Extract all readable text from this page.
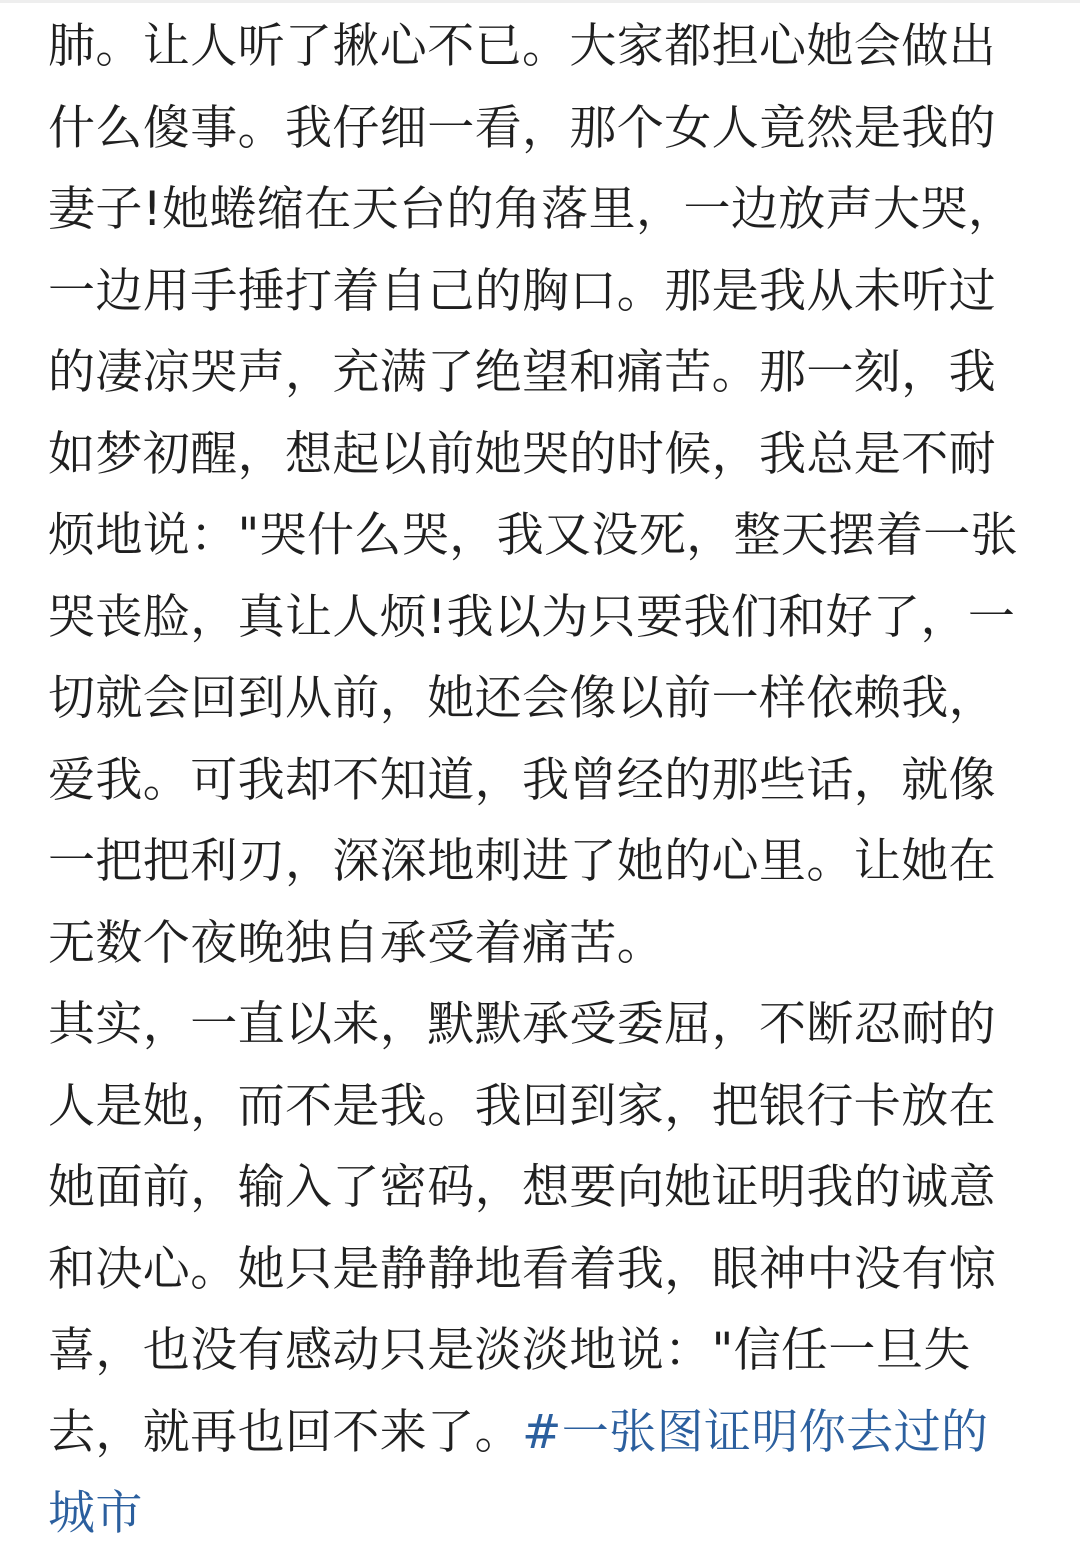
肺。让人听了揪心不已。大家都担心她会做出
什么傻事。我仔细一看，那个女人竟然是我的
妻子!她蜷缩在天台的角落里，一边放声大哭，
一边用手捶打着自己的胸口。那是我从未听过
的凄凉哭声，充满了绝望和痛苦。那一刻，我
如梦初醒，想起以前她哭的时候，我总是不耐
烦地说："哭什么哭，我又没死，整天摆着一张
哭丧脸，真让人烦!我以为只要我们和好了，一
切就会回到从前，她还会像以前一样依赖我，
爱我。可我却不知道，我曾经的那些话，就像
一把把利刃，深深地刺进了她的心里。让她在
无数个夜晚独自承受着痛苦。
其实，一直以来，默默承受委屈，不断忍耐的
人是她，而不是我。我回到家，把银行卡放在
她面前，输入了密码，想要向她证明我的诚意
和决心。她只是静静地看着我，眼神中没有惊
喜，也没有感动只是淡淡地说："信任一旦失
去，就再也回不来了。#一张图证明你去过的
城市
